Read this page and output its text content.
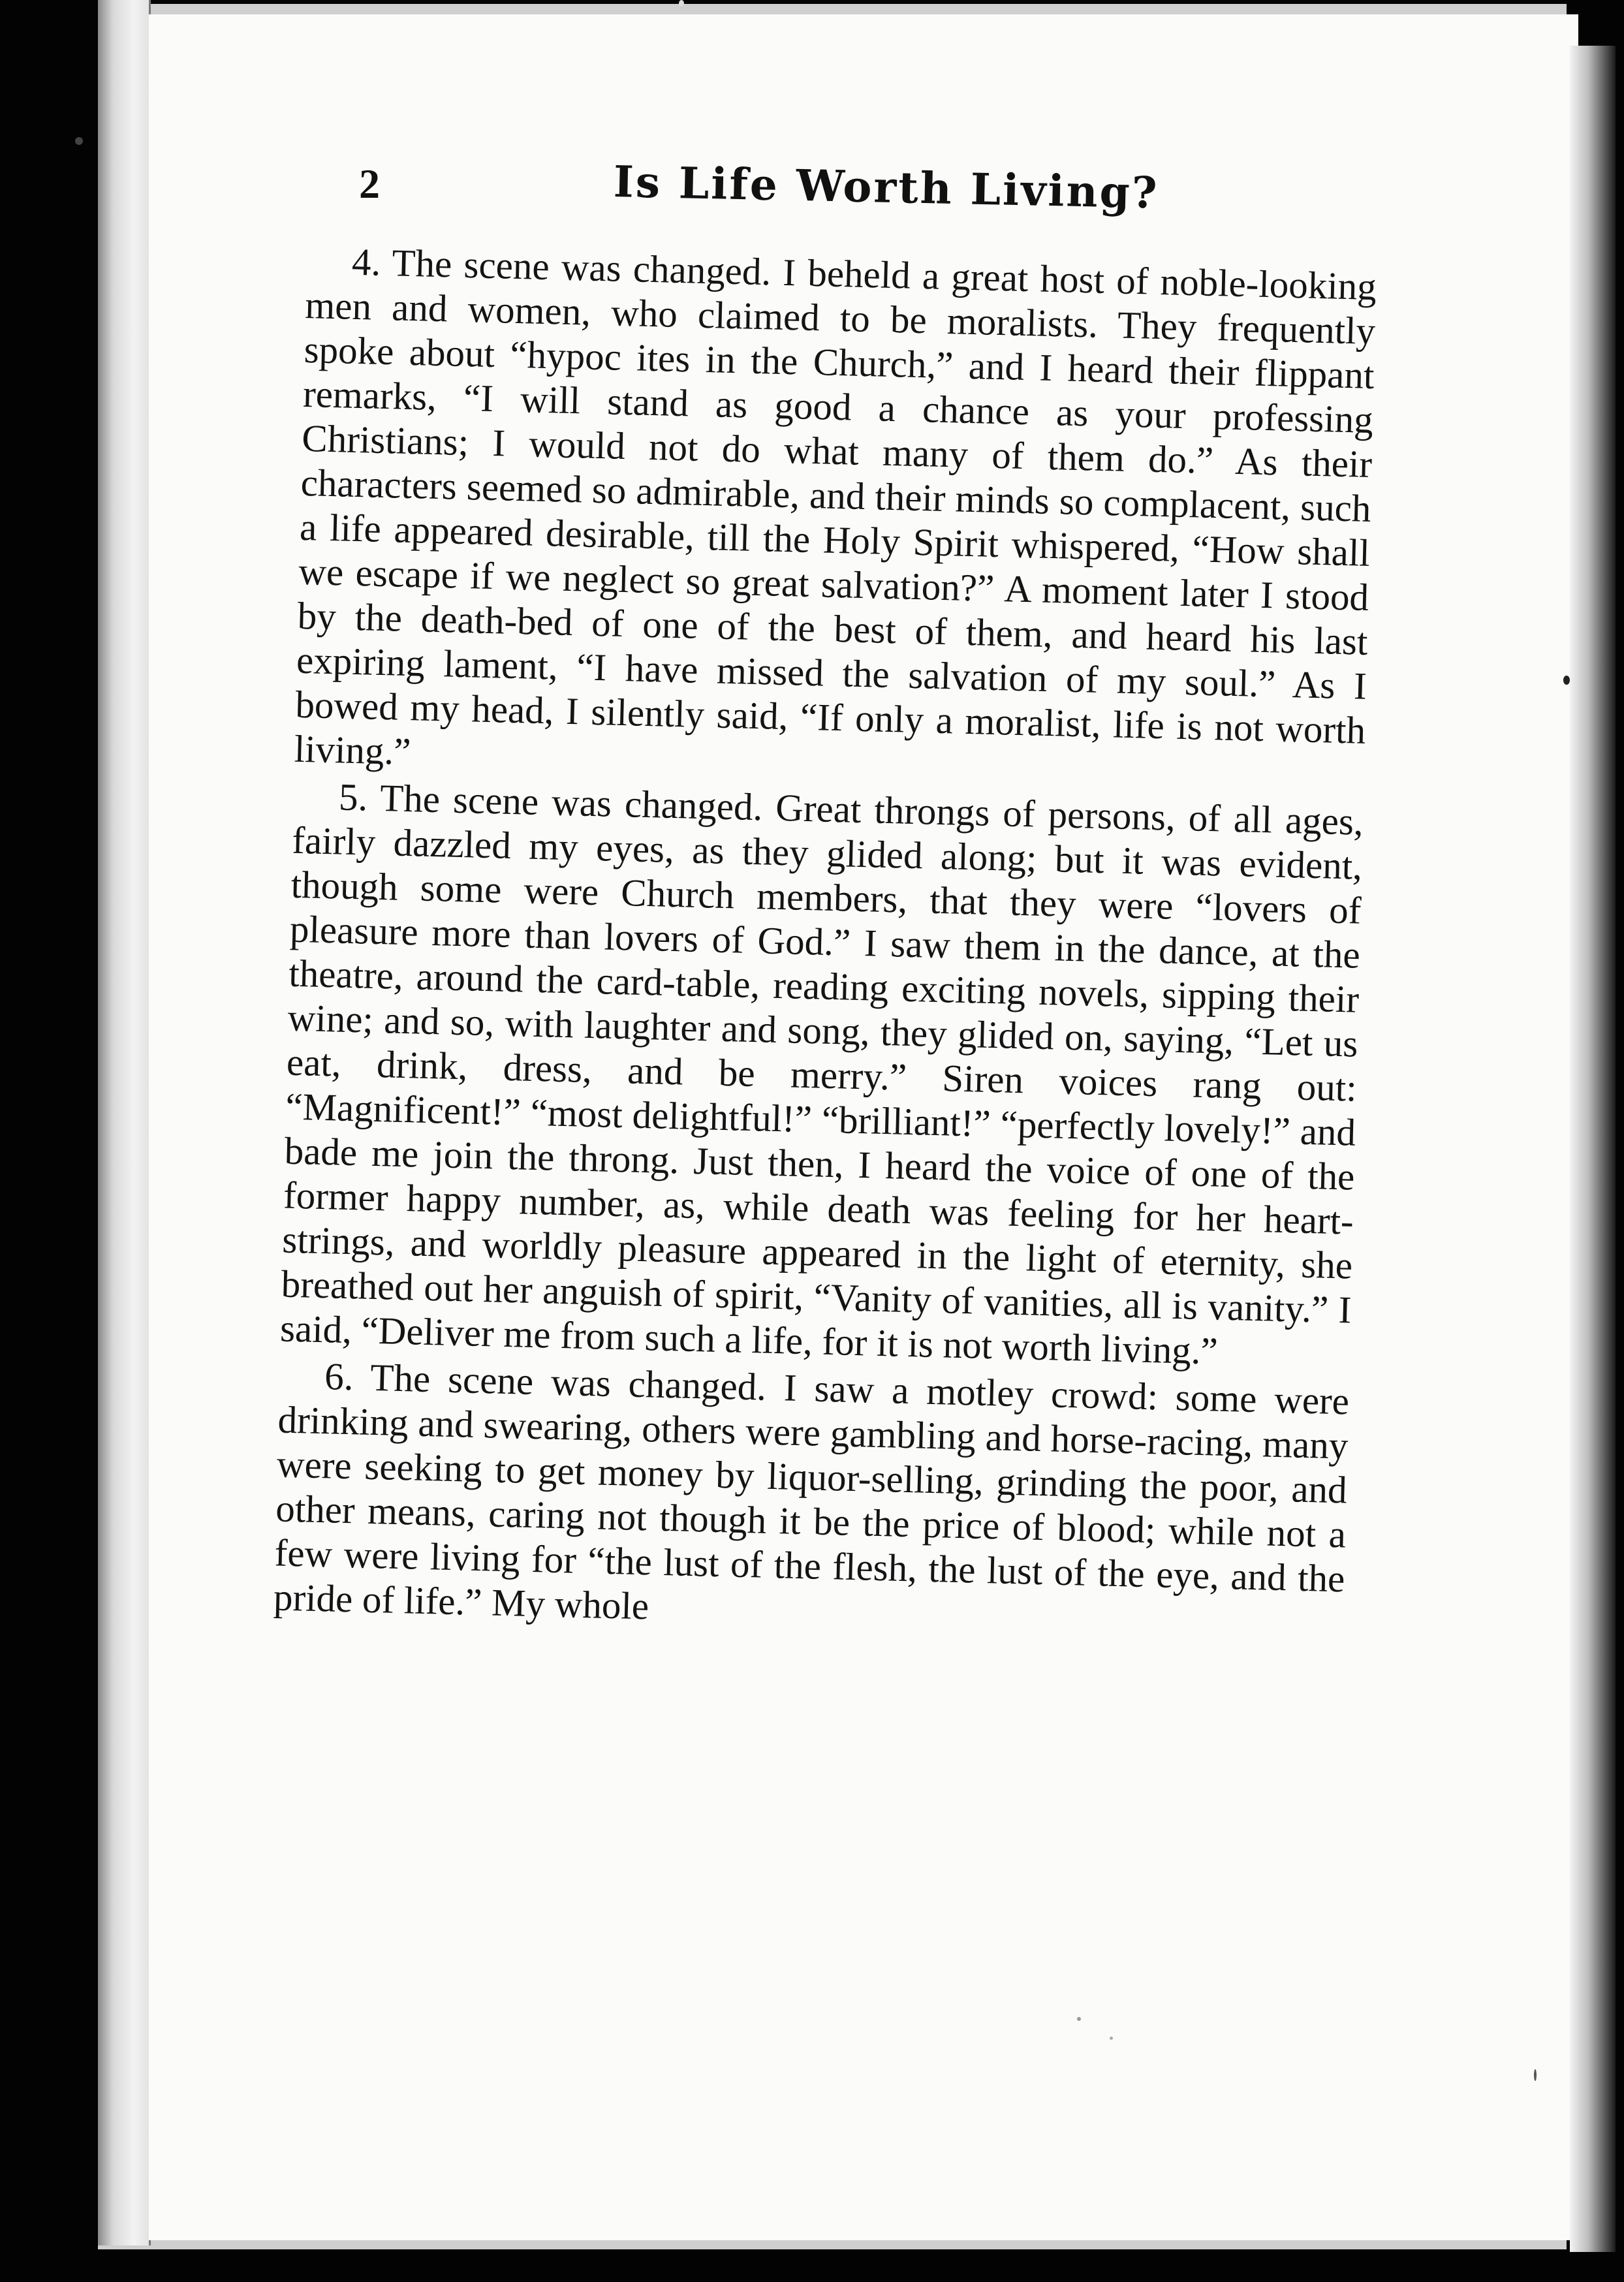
2	Is Life Worth Living?

4. The scene was changed. I beheld a great host of noble-looking men and women, who claimed to be moralists. They frequently spoke about “hypoc ites in the Church,” and I heard their flippant remarks, “I will stand as good a chance as your professing Christians; I would not do what many of them do.” As their characters seemed so admirable, and their minds so complacent, such a life appeared desirable, till the Holy Spirit whispered, “How shall we escape if we neglect so great salvation?” A moment later I stood by the death-bed of one of the best of them, and heard his last expiring lament, “I have missed the salvation of my soul.” As I bowed my head, I silently said, “If only a moralist, life is not worth living.”

5. The scene was changed. Great throngs of persons, of all ages, fairly dazzled my eyes, as they glided along; but it was evident, though some were Church members, that they were “lovers of pleasure more than lovers of God.” I saw them in the dance, at the theatre, around the card-table, reading exciting novels, sipping their wine; and so, with laughter and song, they glided on, saying, “Let us eat, drink, dress, and be merry.” Siren voices rang out: “Magnificent!” “most delightful!” “brilliant!” “perfectly lovely!” and bade me join the throng. Just then, I heard the voice of one of the former happy number, as, while death was feeling for her heart-strings, and worldly pleasure appeared in the light of eternity, she breathed out her anguish of spirit, “Vanity of vanities, all is vanity.” I said, “Deliver me from such a life, for it is not worth living.”

6. The scene was changed. I saw a motley crowd: some were drinking and swearing, others were gambling and horse-racing, many were seeking to get money by liquor-selling, grinding the poor, and other means, caring not though it be the price of blood; while not a few were living for “the lust of the flesh, the lust of the eye, and the pride of life.” My whole
